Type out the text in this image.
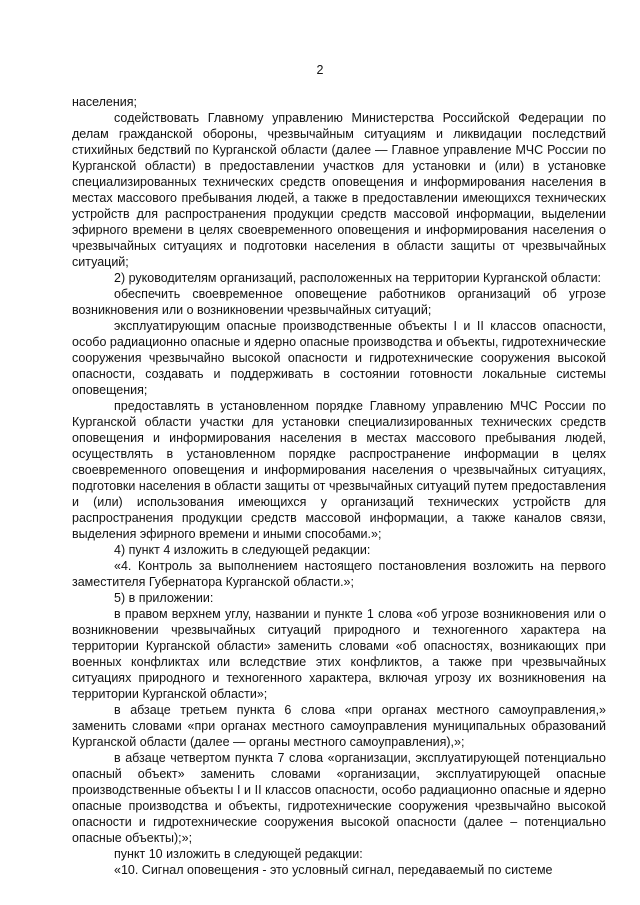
2

населения;

содействовать Главному управлению Министерства Российской Федерации по делам гражданской обороны, чрезвычайным ситуациям и ликвидации последствий стихийных бедствий по Курганской области (далее — Главное управление МЧС России по Курганской области) в предоставлении участков для установки и (или) в установке специализированных технических средств оповещения и информирования населения в местах массового пребывания людей, а также в предоставлении имеющихся технических устройств для распространения продукции средств массовой информации, выделении эфирного времени в целях своевременного оповещения и информирования населения о чрезвычайных ситуациях и подготовки населения в области защиты от чрезвычайных ситуаций;

2) руководителям организаций, расположенных на территории Курганской области:

обеспечить своевременное оповещение работников организаций об угрозе возникновения или о возникновении чрезвычайных ситуаций;

эксплуатирующим опасные производственные объекты I и II классов опасности, особо радиационно опасные и ядерно опасные производства и объекты, гидротехнические сооружения чрезвычайно высокой опасности и гидротехнические сооружения высокой опасности, создавать и поддерживать в состоянии готовности локальные системы оповещения;

предоставлять в установленном порядке Главному управлению МЧС России по Курганской области участки для установки специализированных технических средств оповещения и информирования населения в местах массового пребывания людей, осуществлять в установленном порядке распространение информации в целях своевременного оповещения и информирования населения о чрезвычайных ситуациях, подготовки населения в области защиты от чрезвычайных ситуаций путем предоставления и (или) использования имеющихся у организаций технических устройств для распространения продукции средств массовой информации, а также каналов связи, выделения эфирного времени и иными способами.»;

4) пункт 4 изложить в следующей редакции:

«4. Контроль за выполнением настоящего постановления возложить на первого заместителя Губернатора Курганской области.»;

5) в приложении:

в правом верхнем углу, названии и пункте 1 слова «об угрозе возникновения или о возникновении чрезвычайных ситуаций природного и техногенного характера на территории Курганской области» заменить словами «об опасностях, возникающих при военных конфликтах или вследствие этих конфликтов, а также при чрезвычайных ситуациях природного и техногенного характера, включая угрозу их возникновения на территории Курганской области»;

в абзаце третьем пункта 6 слова «при органах местного самоуправления,» заменить словами «при органах местного самоуправления муниципальных образований Курганской области (далее — органы местного самоуправления),»;

в абзаце четвертом пункта 7 слова «организации, эксплуатирующей потенциально опасный объект» заменить словами «организации, эксплуатирующей опасные производственные объекты I и II классов опасности, особо радиационно опасные и ядерно опасные производства и объекты, гидротехнические сооружения чрезвычайно высокой опасности и гидротехнические сооружения высокой опасности (далее – потенциально опасные объекты);»;

пункт 10 изложить в следующей редакции:

«10. Сигнал оповещения - это условный сигнал, передаваемый по системе
